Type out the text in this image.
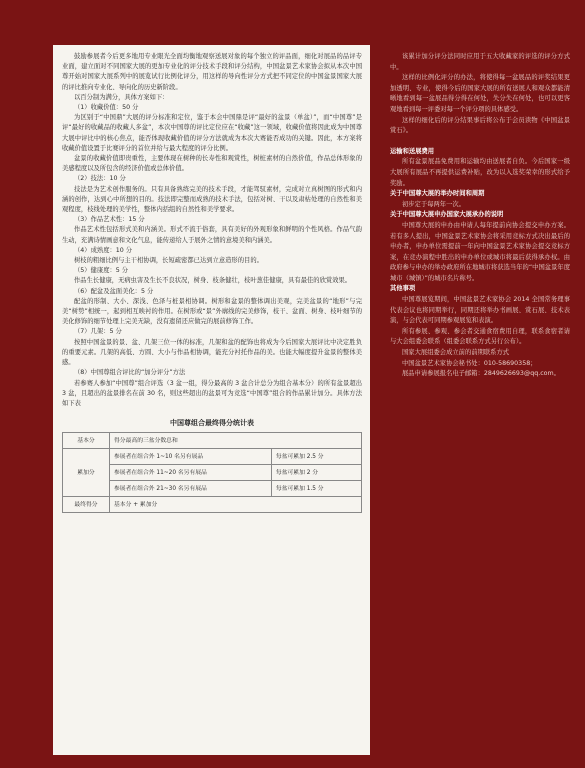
鼓励参展者今后更多地用专业眼光全面均衡地观察送展对象的每个独立的评品面，细化对展品的品评专业面，建立面对不同国家大展的更加专业化的评分技术手段和评分结构，中国盆景艺术家协会拟从本次中国尊开始对国家大展系列中的展览试行比例化评分，用这样的导向性评分方式把不同定位的中国盆景国家大展的评比推向专业化、导向化的历史新阶段。

以百分制为满分，具体方案如下：

（1）收藏价值：50 分

为区别于“中国鼎”大展的评分标准和定位，鉴于本会中国鼎是评“最好的盆景（单盆）”，而“中国尊”是评“最好的收藏品的收藏人多盆”，本次中国尊的评比定位应在“收藏”这一领域，收藏价值将因此成为中国尊大展中评比中的核心焦点，能否体现收藏价值的评分方法就成为本次大赛能否成功的关键。因此，本方案将收藏价值设置于比赛评分的首位并给与最大程度的评分比例。

盆景的收藏价值即贵重性，主要体现在树种的长寿性和观赏性，树桩素材的自然价值，作品总体形象的美感程度以及所包含的经济价值或总体价值。

（2）技法：10 分

技法是为艺术创作服务的。只有具备熟练完美的技术手段，才能驾驭素材，完成对立真树图的形式和内涵的创作，达到心中所想的目的。技法即完整而成熟的技术手法，包括对树、干以及肃枯处理的自然性和美观程度，枝线处理的美学性，整体内括组的自然性和美学要求。

（3）作品艺术性：15 分

作品艺术性包括形式美和内涵美。形式不流于俗套，具有美好的外观形象和鲜明的个性风格。作品气韵生动，充满诗情画意和文化气息，能传递给人于展外之情的意境美和内涵美。

（4）成熟度：10 分

树枝的粗细比例与主干相协调，长短疏密都已达到立意造形的目的。

（5）健康度：5 分

作品生长健康，无病虫害及生长不良状况，树身、枝条健壮，枝叶葱佳健康，具有最佳的欣赏效果。

（6）配盆及盆面美化：5 分

配盆的形制、大小、深浅、色泽与桩景相协调。树形和盆景的整体调出美观，完美盆景的“地形”与完美“树势”相统一，起到相互映衬的作用。在树形或“景”外廓线的完美修饰，枝干、盆面、树身、枝叶细节的美化修饰的细节处理上完美无缺，没有遗留还应做完的展前修饰工作。

（7）几架：5 分

按照中国盆景的景、盆、几架三位一体的标准，几架和盆的配饰也将成为今后国家大展评比中决定胜负的重要元素。几架的高低、方圆、大小与作品相协调，能充分衬托作品的美。也能大幅度提升盆景的整体美感。

（8）中国尊组合评比的“加分评分”方法

若参赛人参加“中国尊”组合评选（3 盆一组，得分最高的 3 盆合计总分为组合基本分）的所有盆景超出 3 盆，且超出的盆景排名在前 30 名，则这些超出的盆景可为竞选“中国尊”组合的作品累计加分。具体方法如下表

中国尊组合最终得分统计表
基本分	得分最高的三盆分数总和	
累加分	参展者在组合外 1~10 名另有展品	每盆可累加 2.5 分
	参展者在组合外 11~20 名另有展品	每盆可累加 2 分
	参展者在组合外 21~30 名另有展品	每盆可累加 1.5 分
最终得分	基本分 + 累加分	

该累计加分评分法同时应用于五大收藏家的评选的评分方式中。

这样的比例化评分的办法，将使得每一盆展品的评奖结果更加透明、专业，使得今后的国家大展的所有送展人和观众都能清晰地看到每一盆展品得分得在何处，失分失在何处，也可以更客观地看到每一评委对每一个评分项的具体感受。

这样的细化后的评分结果事后将公布于会员读物《中国盆景赏石》。

运输和送展费用

所有盆景展品免费用和运输均由送展者自负。今后国家一级大展所有展品不再提供运费补贴，改为以入选奖荣幸的形式给予奖励。

关于中国尊大展的举办时间和周期

初步定于每两年一次。

关于中国尊大展申办国家大展承办的说明

中国尊大展的申办由申请人每年提前向协会提交申办方案。若有多人提出，中国盆景艺术家协会将采用竞标方式决出最后的申办者，申办单位需提前一年向中国盆景艺术家协会提交竞标方案，在竞办演程中胜出的申办单位或城市将最后获得承办权。由政府参与申办的举办政府所在地城市将获选当年的“中国盆景年度城市（城镇）”的城市名片称号。

其他事项

中国尊展览期间，中国盆景艺术家协会 2014 全国常务理事代表会议也将同期举行，同期还将举办书画展、赏石展、技术表演，与会代表可同期参观展览和表演。

所有参展、参观、参会者交通食宿费用自理，联系食宿者请与大会组委会联系（组委会联系方式另行公布）。

国家大展组委会成立前的前期联系方式

中国盆景艺术家协会秘书处：010-58690358；

展品申请参展报名电子邮箱：2849626693@qq.com。
